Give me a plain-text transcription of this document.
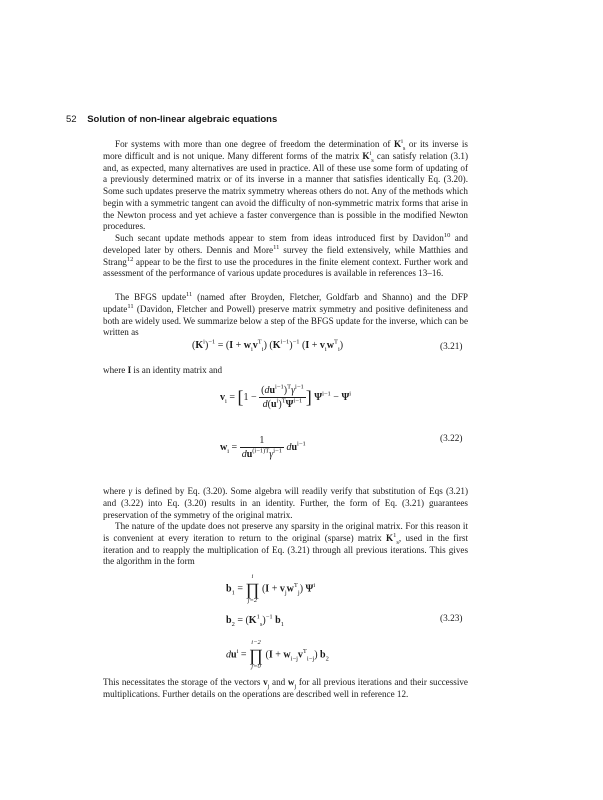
52 Solution of non-linear algebraic equations

For systems with more than one degree of freedom the determination of $K^i_s$ or its inverse is more difficult and is not unique. Many different forms of the matrix $K^i_s$ can satisfy relation (3.1) and, as expected, many alternatives are used in practice. All of these use some form of updating of a previously determined matrix or of its inverse in a manner that satisfies identically Eq. (3.20). Some such updates preserve the matrix symmetry whereas others do not. Any of the methods which begin with a symmetric tangent can avoid the difficulty of non-symmetric matrix forms that arise in the Newton process and yet achieve a faster convergence than is possible in the modified Newton procedures.

Such secant update methods appear to stem from ideas introduced first by Davidon$^{10}$ and developed later by others. Dennis and More$^{11}$ survey the field extensively, while Matthies and Strang$^{12}$ appear to be the first to use the procedures in the finite element context. Further work and assessment of the performance of various update procedures is available in references 13–16.

The BFGS update$^{11}$ (named after Broyden, Fletcher, Goldfarb and Shanno) and the DFP update$^{11}$ (Davidon, Fletcher and Powell) preserve matrix symmetry and positive definiteness and both are widely used. We summarize below a step of the BFGS update for the inverse, which can be written as

$(K^i)^{-1} = (I + w_iv^T_i)$ $(K^{i-1})^{-1}$ $(I + v_iw^T_i)$	(3.21)

where I is an identity matrix and

$v_i = [1 - \frac{(du^{i-1})^T\gamma^{i-1}}{d(u^i)^T\Psi^{i-1}}$ ] $\Psi^{i-1} - \Psi^i$
$w_i = \frac{1}{du^{(i-1)T}\gamma^{i-1}} du^{i-1}$	(3.22)

where γ is defined by Eq. (3.20). Some algebra will readily verify that substitution of Eqs (3.21) and (3.22) into Eq. (3.20) results in an identity. Further, the form of Eq. (3.21) guarantees preservation of the symmetry of the original matrix.

The nature of the update does not preserve any sparsity in the original matrix. For this reason it is convenient at every iteration to return to the original (sparse) matrix $K^1_s$, used in the first iteration and to reapply the multiplication of Eq. (3.21) through all previous iterations. This gives the algorithm in the form

$b_1$ =
i
∏
j=2
$(I + v_jw^T_j)$ $\Psi^i$
$b_2 = (K^1_s)^{-1}$ $b_1$
(3.23)
$du^i$ =
i−2
∏
j=0
$(I + w_{i-j}v^T_{i-j})$ $b_2$

This necessitates the storage of the vectors $v_j$ and $w_j$ for all previous iterations and their successive multiplications. Further details on the operations are described well in reference 12.
